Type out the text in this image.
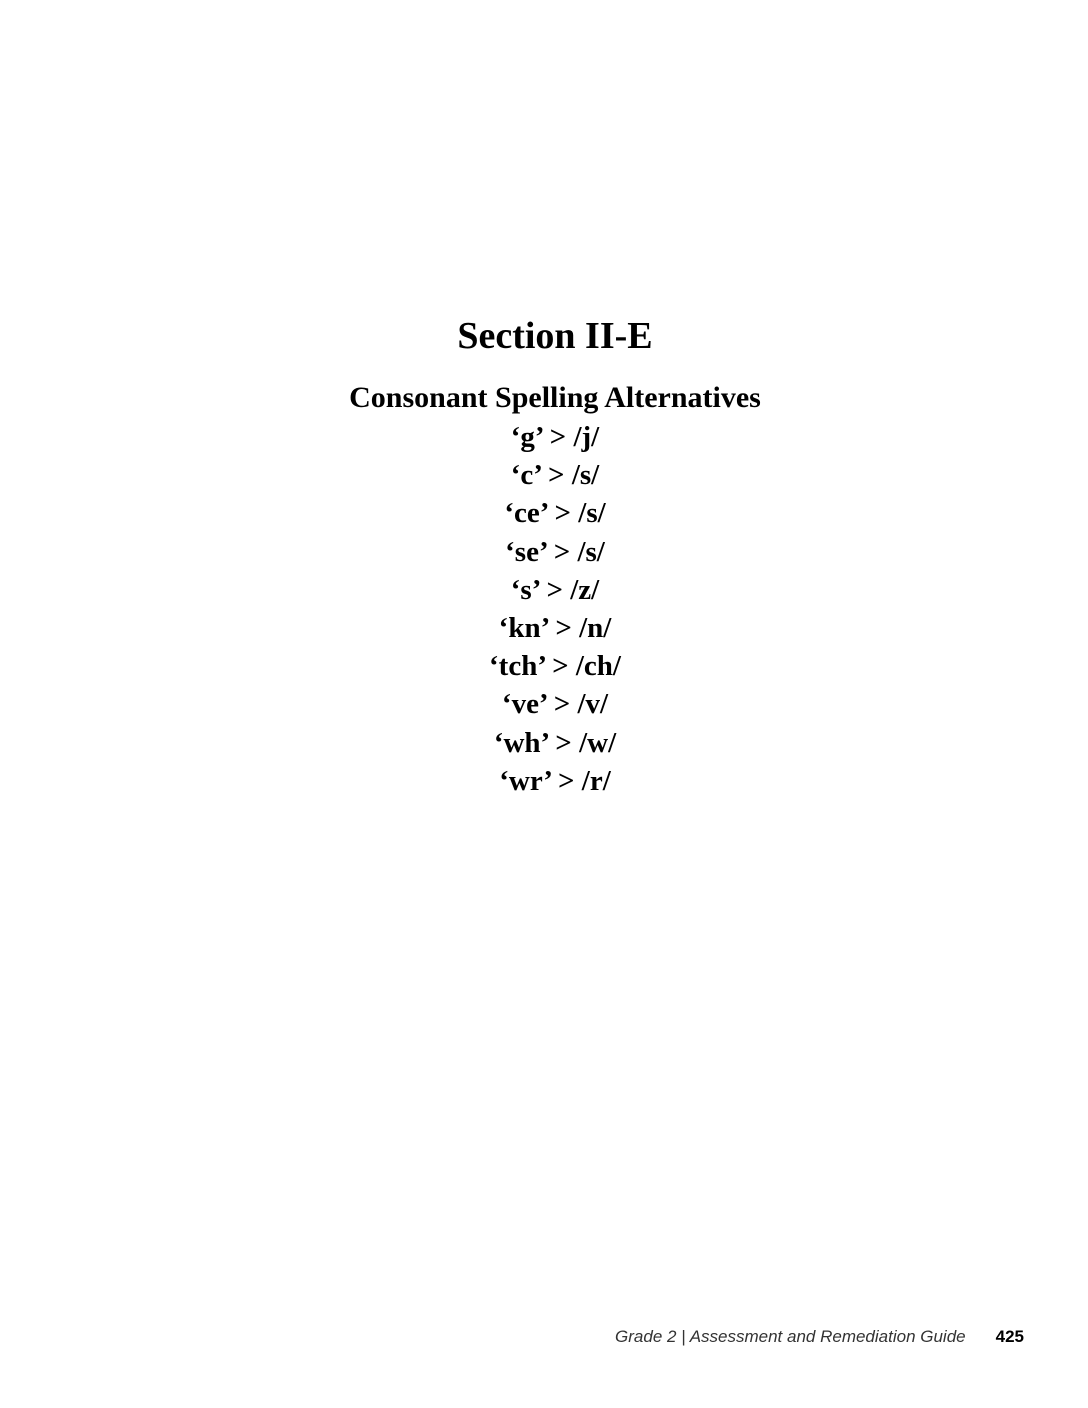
Section II-E
Consonant Spelling Alternatives
‘g’ > /j/
‘c’ > /s/
‘ce’ > /s/
‘se’ > /s/
‘s’ > /z/
‘kn’ > /n/
‘tch’ > /ch/
‘ve’ > /v/
‘wh’ > /w/
‘wr’ > /r/
Grade 2 | Assessment and Remediation Guide 425
